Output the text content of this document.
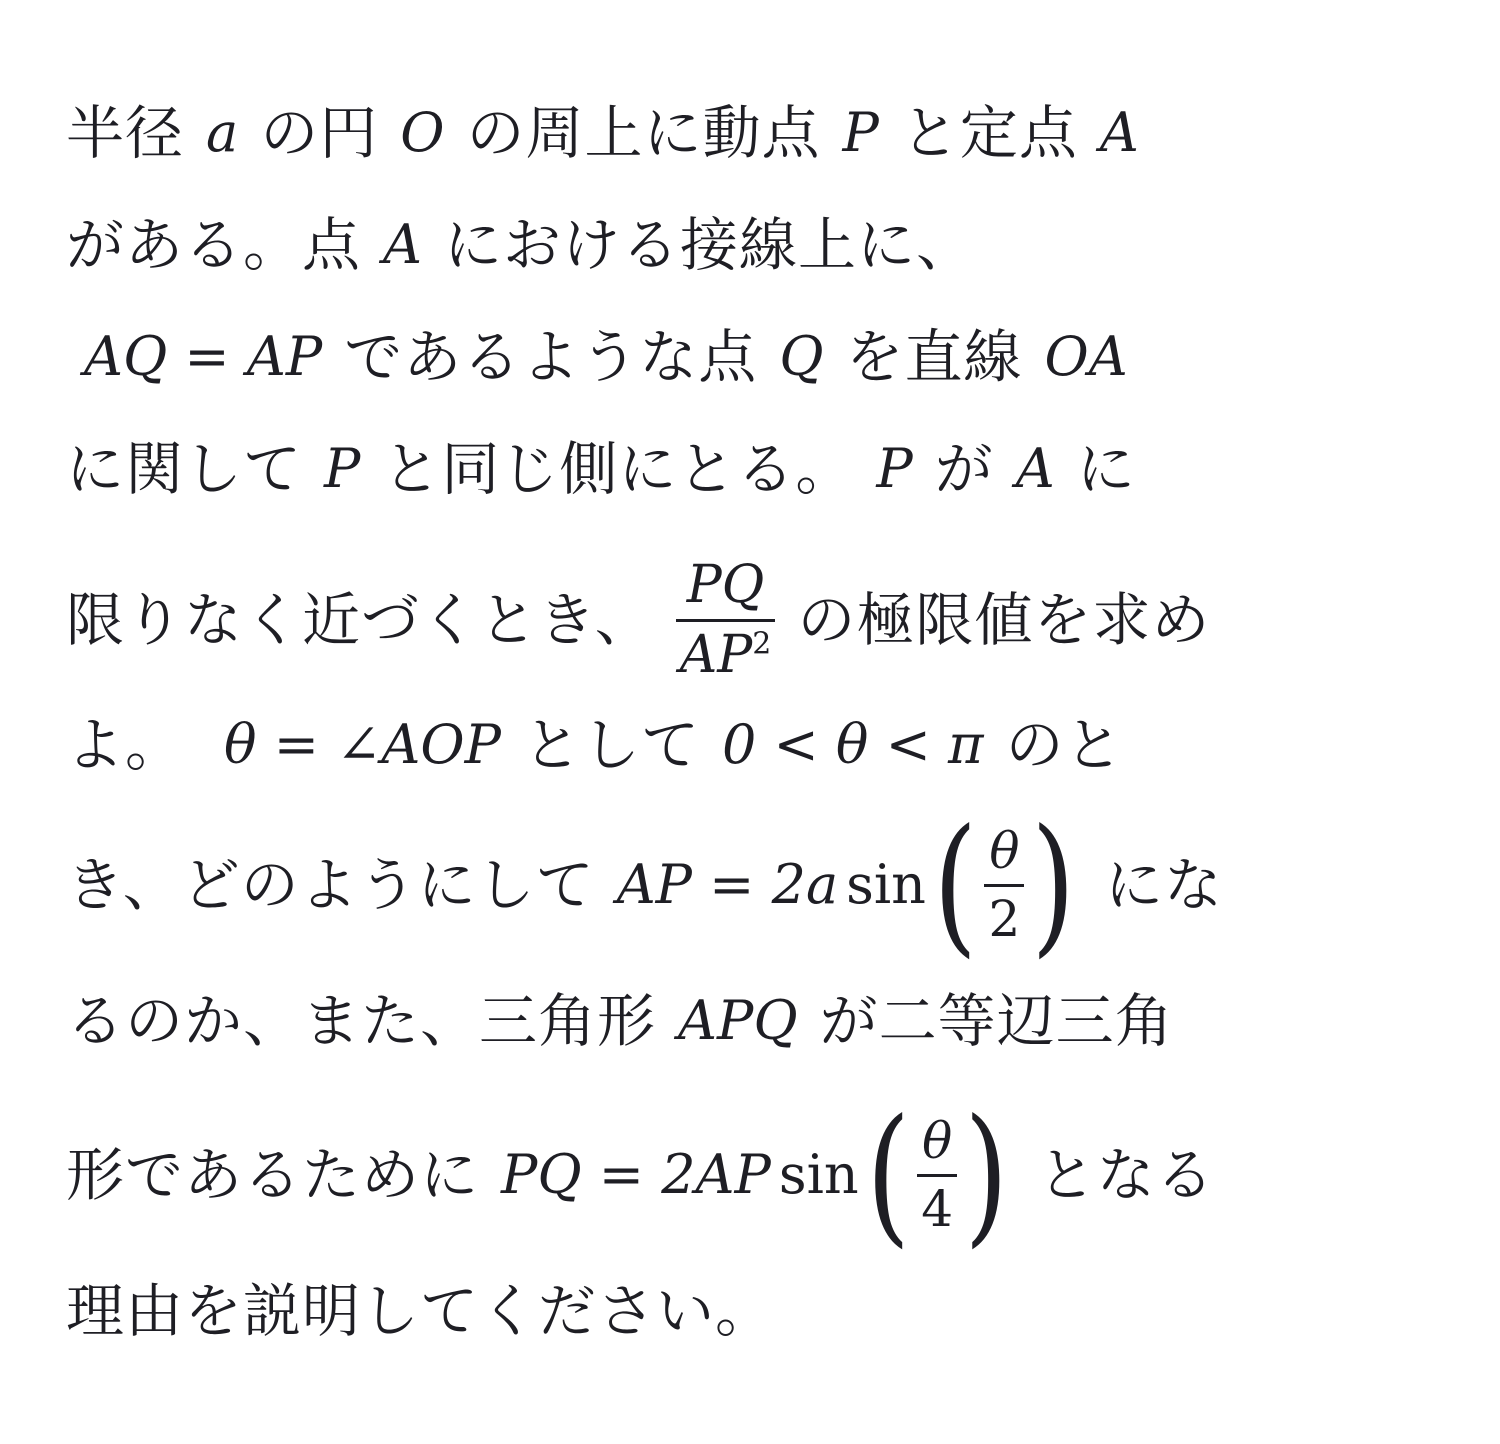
半径 a の円 O の周上に動点 P と定点 A
がある。点 A における接線上に、
AQ = AP であるような点 Q を直線 OA
に関して P と同じ側にとる。 P が A に
限りなく近づくとき、 $\frac{PQ}{AP^2}$ の極限値を求め
よ。 θ = ∠AOP として 0 < θ < π のと
き、どのようにして AP = 2a sin ( $\frac{\theta}{2}$ ) にな
るのか、また、三角形 APQ が二等辺三角
形であるために PQ = 2AP sin ( $\frac{\theta}{4}$ ) となる
理由を説明してください。
